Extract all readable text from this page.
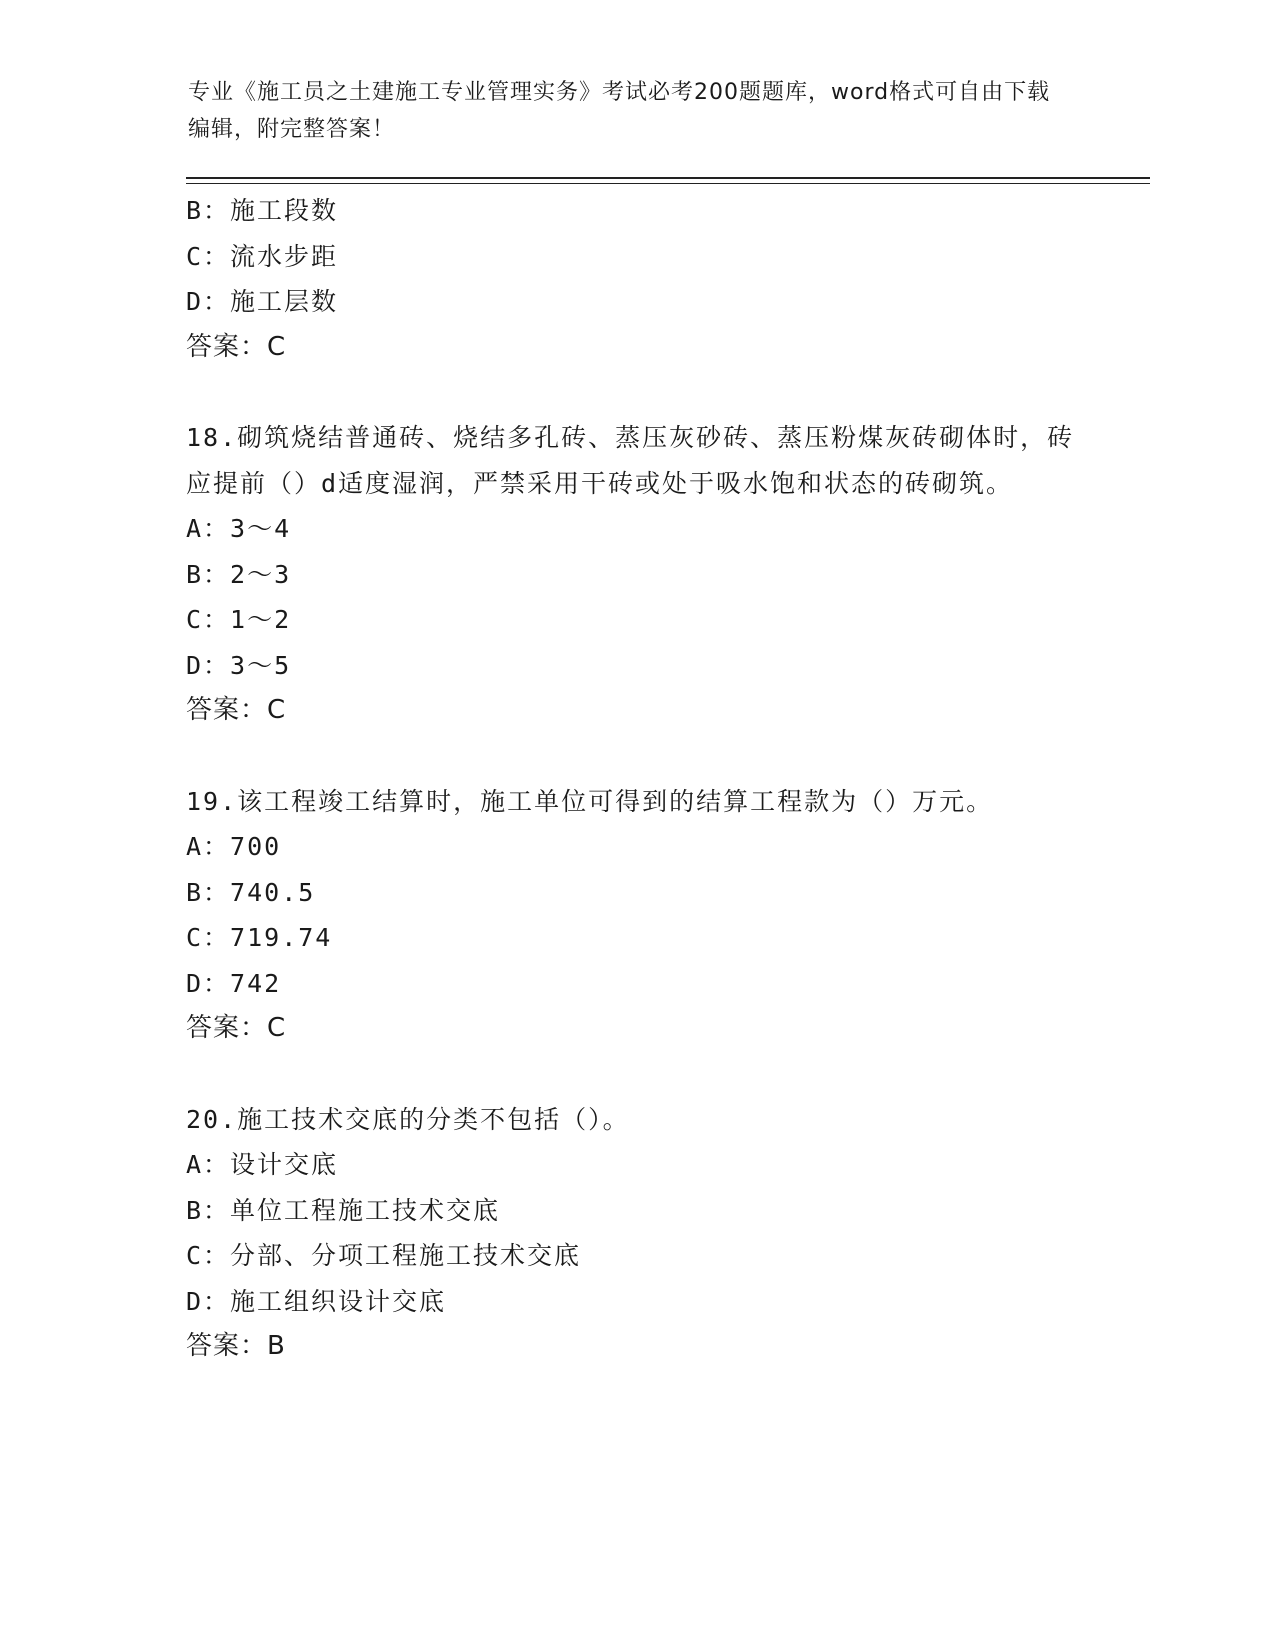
专业《施工员之土建施工专业管理实务》考试必考200题题库，word格式可自由下载编辑，附完整答案！
B：施工段数
C：流水步距
D：施工层数
答案：C
18.砌筑烧结普通砖、烧结多孔砖、蒸压灰砂砖、蒸压粉煤灰砖砌体时，砖应提前（）d适度湿润，严禁采用干砖或处于吸水饱和状态的砖砌筑。
A：3～4
B：2～3
C：1～2
D：3～5
答案：C
19.该工程竣工结算时，施工单位可得到的结算工程款为（）万元。
A：700
B：740.5
C：719.74
D：742
答案：C
20.施工技术交底的分类不包括（）。
A：设计交底
B：单位工程施工技术交底
C：分部、分项工程施工技术交底
D：施工组织设计交底
答案：B
